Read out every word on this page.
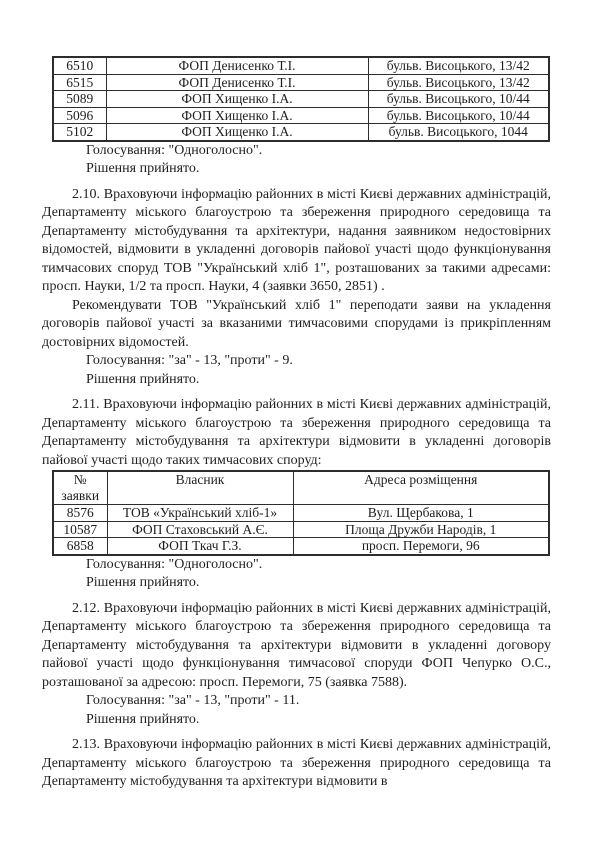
6510	ФОП Денисенко Т.І.	бульв. Висоцького, 13/42
6515	ФОП Денисенко Т.І.	бульв. Висоцького, 13/42
5089	ФОП Хищенко І.А.	бульв. Висоцького, 10/44
5096	ФОП Хищенко І.А.	бульв. Висоцького, 10/44
5102	ФОП Хищенко І.А.	бульв. Висоцького, 1044

Голосування: "Одноголосно".

Рішення прийнято.

2.10. Враховуючи інформацію районних в місті Києві державних адміністрацій, Департаменту міського благоустрою та збереження природного середовища та Департаменту містобудування та архітектури, надання заявником недостовірних відомостей, відмовити в укладенні договорів пайової участі щодо функціонування тимчасових споруд ТОВ "Український хліб 1", розташованих за такими адресами: просп. Науки, 1/2 та просп. Науки, 4 (заявки 3650, 2851) .

Рекомендувати ТОВ "Український хліб 1" переподати заяви на укладення договорів пайової участі за вказаними тимчасовими спорудами із прикріпленням достовірних відомостей.

Голосування: "за" - 13, "проти" - 9.

Рішення прийнято.

2.11. Враховуючи інформацію районних в місті Києві державних адміністрацій, Департаменту міського благоустрою та збереження природного середовища та Департаменту містобудування та архітектури відмовити в укладенні договорів пайової участі щодо таких тимчасових споруд:

№ заявки	Власник	Адреса розміщення
8576	ТОВ «Український хліб-1»	Вул. Щербакова, 1
10587	ФОП Стаховський А.Є.	Площа Дружби Народів, 1
6858	ФОП Ткач Г.З.	просп. Перемоги, 96

Голосування: "Одноголосно".

Рішення прийнято.

2.12. Враховуючи інформацію районних в місті Києві державних адміністрацій, Департаменту міського благоустрою та збереження природного середовища та Департаменту містобудування та архітектури відмовити в укладенні договору пайової участі щодо функціонування тимчасової споруди ФОП Чепурко О.С., розташованої за адресою: просп. Перемоги, 75 (заявка 7588).

Голосування: "за" - 13, "проти" - 11.

Рішення прийнято.

2.13. Враховуючи інформацію районних в місті Києві державних адміністрацій, Департаменту міського благоустрою та збереження природного середовища та Департаменту містобудування та архітектури відмовити в
